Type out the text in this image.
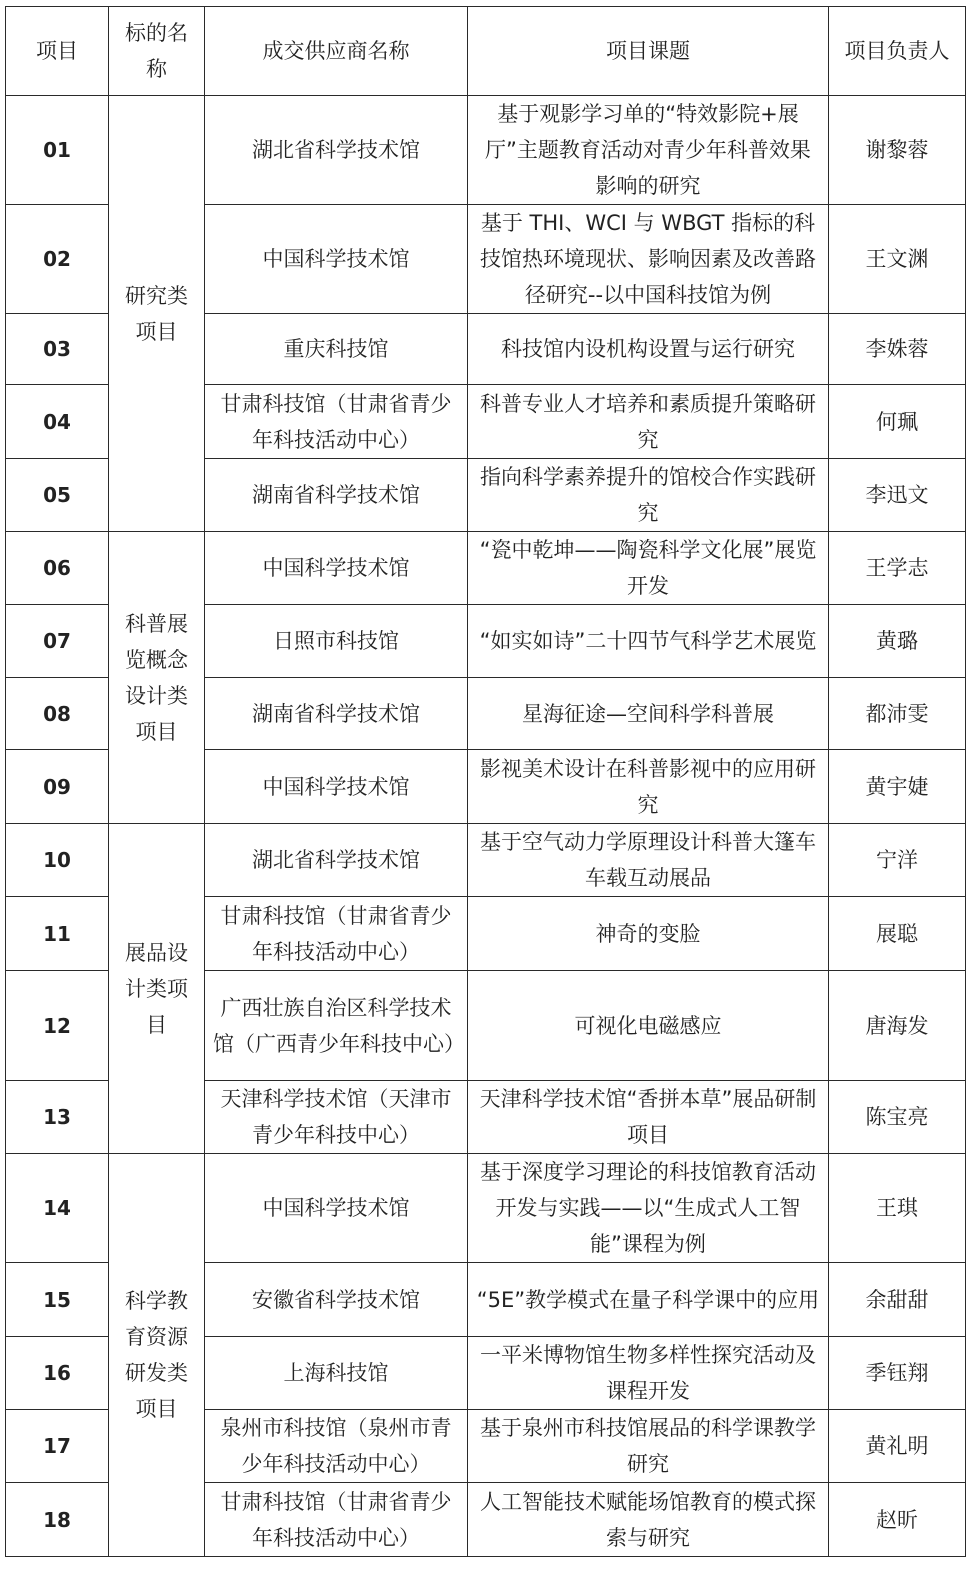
项目	标的名称	成交供应商名称	项目课题	项目负责人
01	研究类项目	湖北省科学技术馆	基于观影学习单的“特效影院+展厅”主题教育活动对青少年科普效果影响的研究	谢黎蓉
02		中国科学技术馆	基于 THI、WCI 与 WBGT 指标的科技馆热环境现状、影响因素及改善路径研究--以中国科技馆为例	王文渊
03		重庆科技馆	科技馆内设机构设置与运行研究	李姝蓉
04		甘肃科技馆（甘肃省青少年科技活动中心）	科普专业人才培养和素质提升策略研究	何珮
05		湖南省科学技术馆	指向科学素养提升的馆校合作实践研究	李迅文
06	科普展览概念设计类项目	中国科学技术馆	“瓷中乾坤——陶瓷科学文化展”展览开发	王学志
07		日照市科技馆	“如实如诗”二十四节气科学艺术展览	黄璐
08		湖南省科学技术馆	星海征途—空间科学科普展	都沛雯
09		中国科学技术馆	影视美术设计在科普影视中的应用研究	黄宇婕
10	展品设计类项目	湖北省科学技术馆	基于空气动力学原理设计科普大篷车车载互动展品	宁洋
11		甘肃科技馆（甘肃省青少年科技活动中心）	神奇的变脸	展聪
12		广西壮族自治区科学技术馆（广西青少年科技中心）	可视化电磁感应	唐海发
13		天津科学技术馆（天津市青少年科技中心）	天津科学技术馆“香拼本草”展品研制项目	陈宝亮
14	科学教育资源研发类项目	中国科学技术馆	基于深度学习理论的科技馆教育活动开发与实践——以“生成式人工智能”课程为例	王琪
15		安徽省科学技术馆	“5E”教学模式在量子科学课中的应用	余甜甜
16		上海科技馆	一平米博物馆生物多样性探究活动及课程开发	季钰翔
17		泉州市科技馆（泉州市青少年科技活动中心）	基于泉州市科技馆展品的科学课教学研究	黄礼明
18		甘肃科技馆（甘肃省青少年科技活动中心）	人工智能技术赋能场馆教育的模式探索与研究	赵昕
